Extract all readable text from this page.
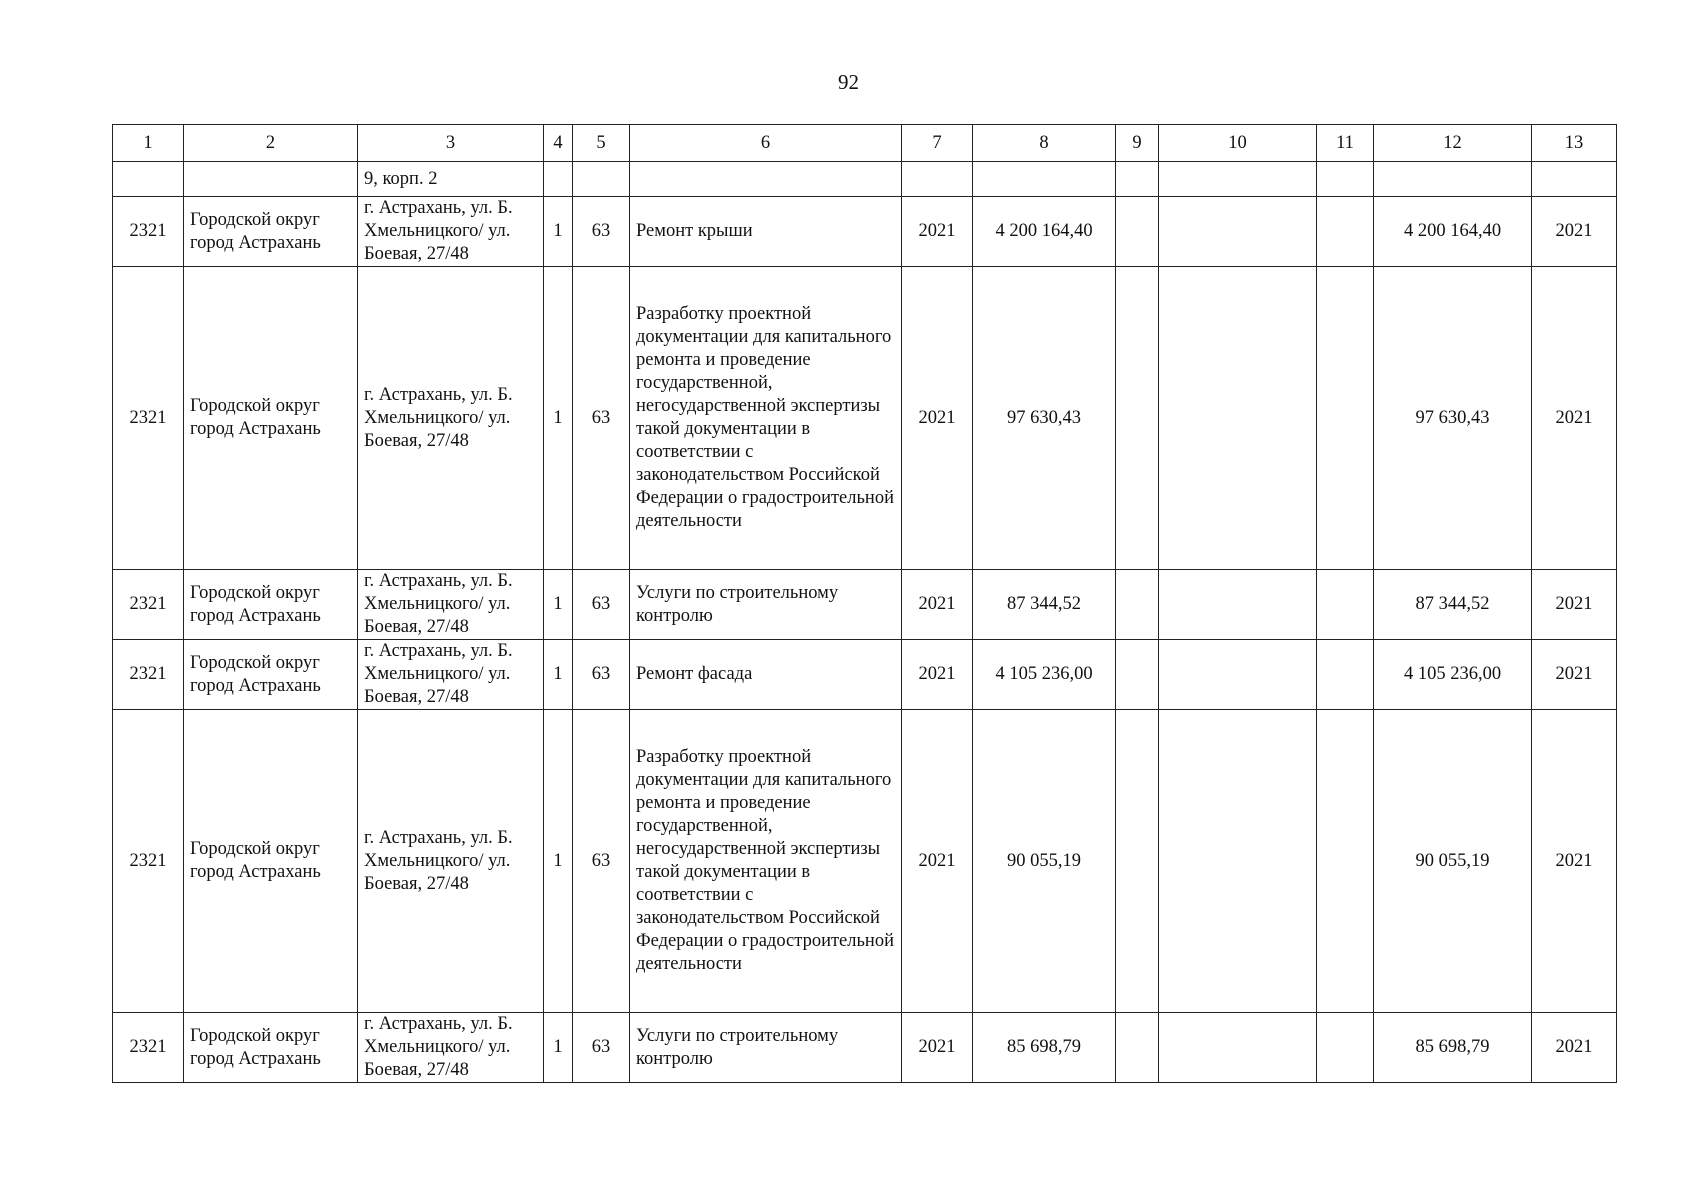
92
1	2	3	4	5	6	7	8	9	10	11	12	13
		9, корп. 2										
2321	Городской округ город Астрахань	г. Астрахань, ул. Б. Хмельницкого/ ул. Боевая, 27/48	1	63	Ремонт крыши	2021	4 200 164,40				4 200 164,40	2021
2321	Городской округ город Астрахань	г. Астрахань, ул. Б. Хмельницкого/ ул. Боевая, 27/48	1	63	Разработку проектной документации для капитального ремонта и проведение государственной, негосударственной экспертизы такой документации в соответствии с законодательством Российской Федерации о градостроительной деятельности	2021	97 630,43				97 630,43	2021
2321	Городской округ город Астрахань	г. Астрахань, ул. Б. Хмельницкого/ ул. Боевая, 27/48	1	63	Услуги по строительному контролю	2021	87 344,52				87 344,52	2021
2321	Городской округ город Астрахань	г. Астрахань, ул. Б. Хмельницкого/ ул. Боевая, 27/48	1	63	Ремонт фасада	2021	4 105 236,00				4 105 236,00	2021
2321	Городской округ город Астрахань	г. Астрахань, ул. Б. Хмельницкого/ ул. Боевая, 27/48	1	63	Разработку проектной документации для капитального ремонта и проведение государственной, негосударственной экспертизы такой документации в соответствии с законодательством Российской Федерации о градостроительной деятельности	2021	90 055,19				90 055,19	2021
2321	Городской округ город Астрахань	г. Астрахань, ул. Б. Хмельницкого/ ул. Боевая, 27/48	1	63	Услуги по строительному контролю	2021	85 698,79				85 698,79	2021
